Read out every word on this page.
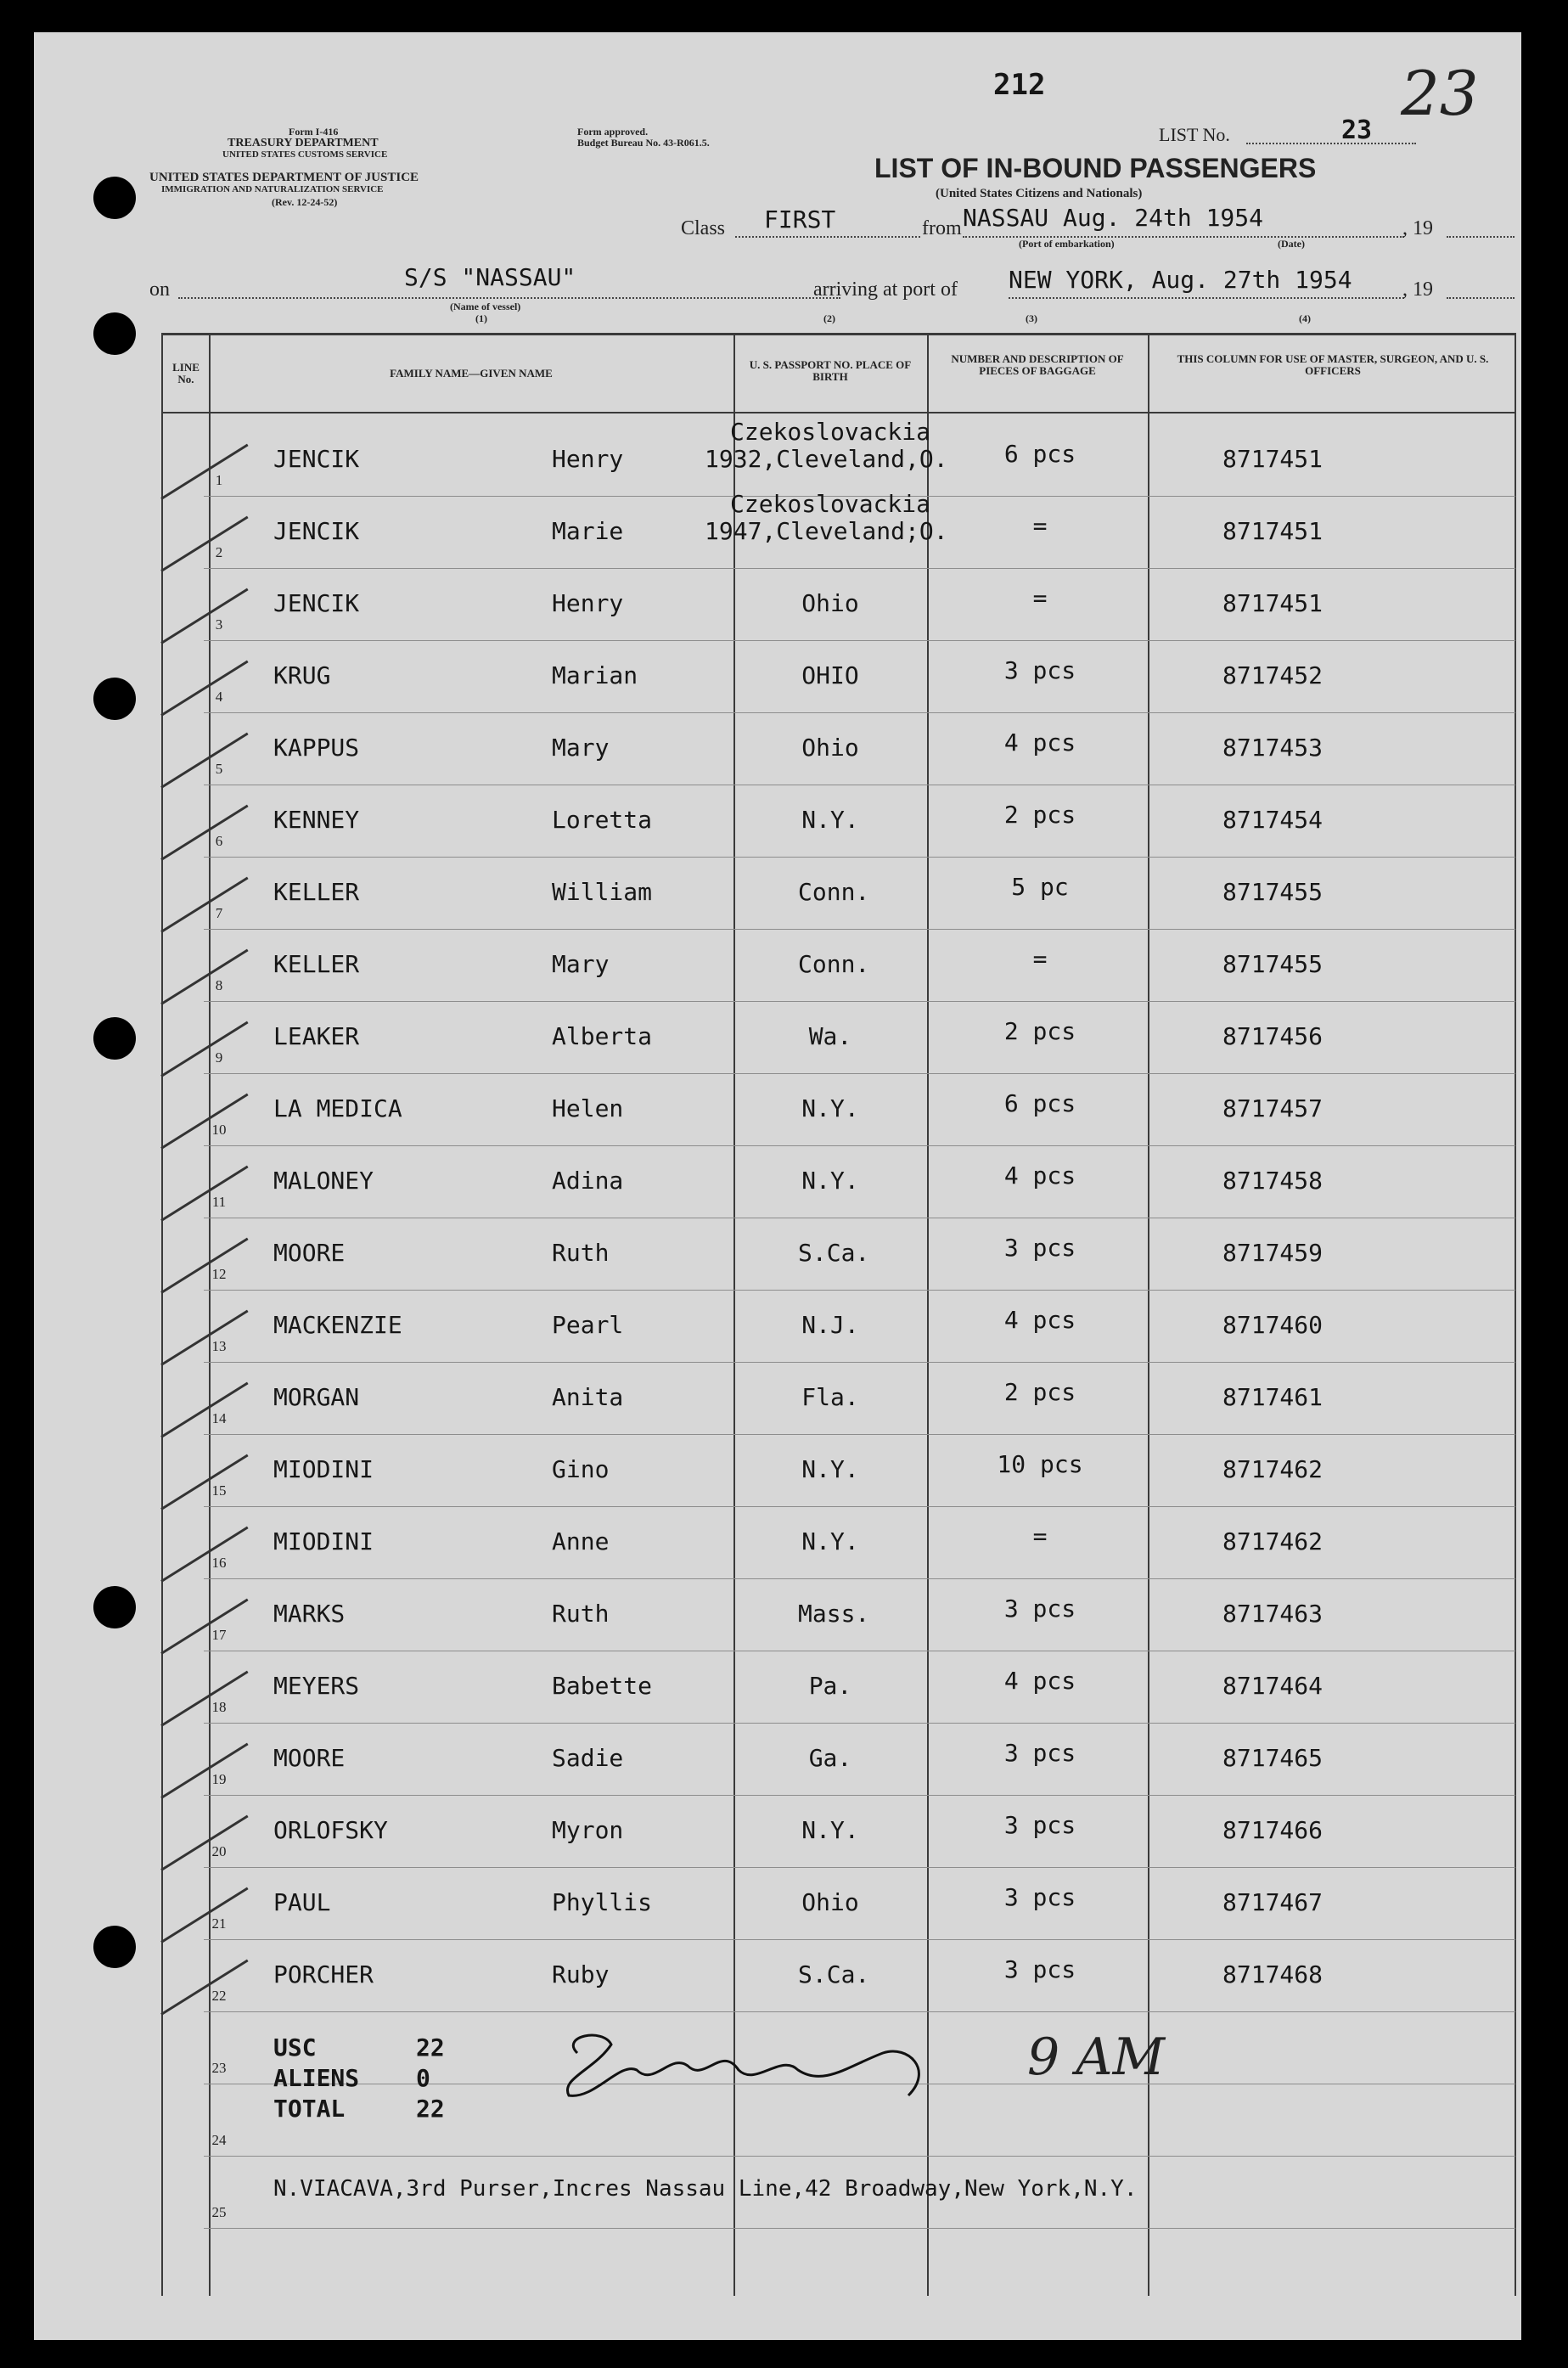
212	23
Form I-416
TREASURY DEPARTMENT
UNITED STATES CUSTOMS SERVICE
UNITED STATES DEPARTMENT OF JUSTICE
IMMIGRATION AND NATURALIZATION SERVICE
(Rev. 12-24-52)
Form approved.
Budget Bureau No. 43-R061.5.	LIST No.	23
LIST OF IN-BOUND PASSENGERS
(United States Citizens and Nationals)
Class FIRST	from NASSAU Aug. 24th 1954	, 19
(Port of embarkation)	(Date)
on	S/S "NASSAU"
(Name of vessel)
(1)
arriving at port of NEW YORK, Aug. 27th 1954 , 19
(2)	(3)	(4)
LINE No.	FAMILY NAME—GIVEN NAME
U. S. PASSPORT NO. PLACE OF BIRTH
NUMBER AND DESCRIPTION OF PIECES OF BAGGAGE
THIS COLUMN FOR USE OF MASTER, SURGEON, AND U. S. OFFICERS
1
JENCIK	Henry
Czekoslovackia
1932,Cleveland,O.	6 pcs	8717451
2
JENCIK	Marie
Czekoslovackia
1947,Cleveland;O.	=	8717451
3
JENCIK	Henry	Ohio	=	8717451
4
KRUG	Marian	OHIO	3 pcs	8717452
5
KAPPUS	Mary	Ohio	4 pcs	8717453
6
KENNEY	Loretta	N.Y.	2 pcs	8717454
7
KELLER	William	Conn.	5 pc	8717455
8
KELLER	Mary	Conn.	=	8717455
9
LEAKER	Alberta	Wa.	2 pcs	8717456
10
LA MEDICA	Helen	N.Y.	6 pcs	8717457
11
MALONEY	Adina	N.Y.	4 pcs	8717458
12
MOORE	Ruth	S.Ca.	3 pcs	8717459
13
MACKENZIE	Pearl	N.J.	4 pcs	8717460
14
MORGAN	Anita	Fla.	2 pcs	8717461
15
MIODINI	Gino	N.Y.	10 pcs	8717462
16
MIODINI	Anne	N.Y.	=	8717462
17
MARKS	Ruth	Mass.	3 pcs	8717463
18
MEYERS	Babette	Pa.	4 pcs	8717464
19
MOORE	Sadie	Ga.	3 pcs	8717465
20
ORLOFSKY	Myron	N.Y.	3 pcs	8717466
21
PAUL	Phyllis	Ohio	3 pcs	8717467
22
PORCHER	Ruby	S.Ca.	3 pcs	8717468
23
24
25
USC	22
ALIENS 0
TOTAL	22
9 AM
N.VIACAVA,3rd Purser,Incres Nassau Line,42 Broadway,New York,N.Y.
